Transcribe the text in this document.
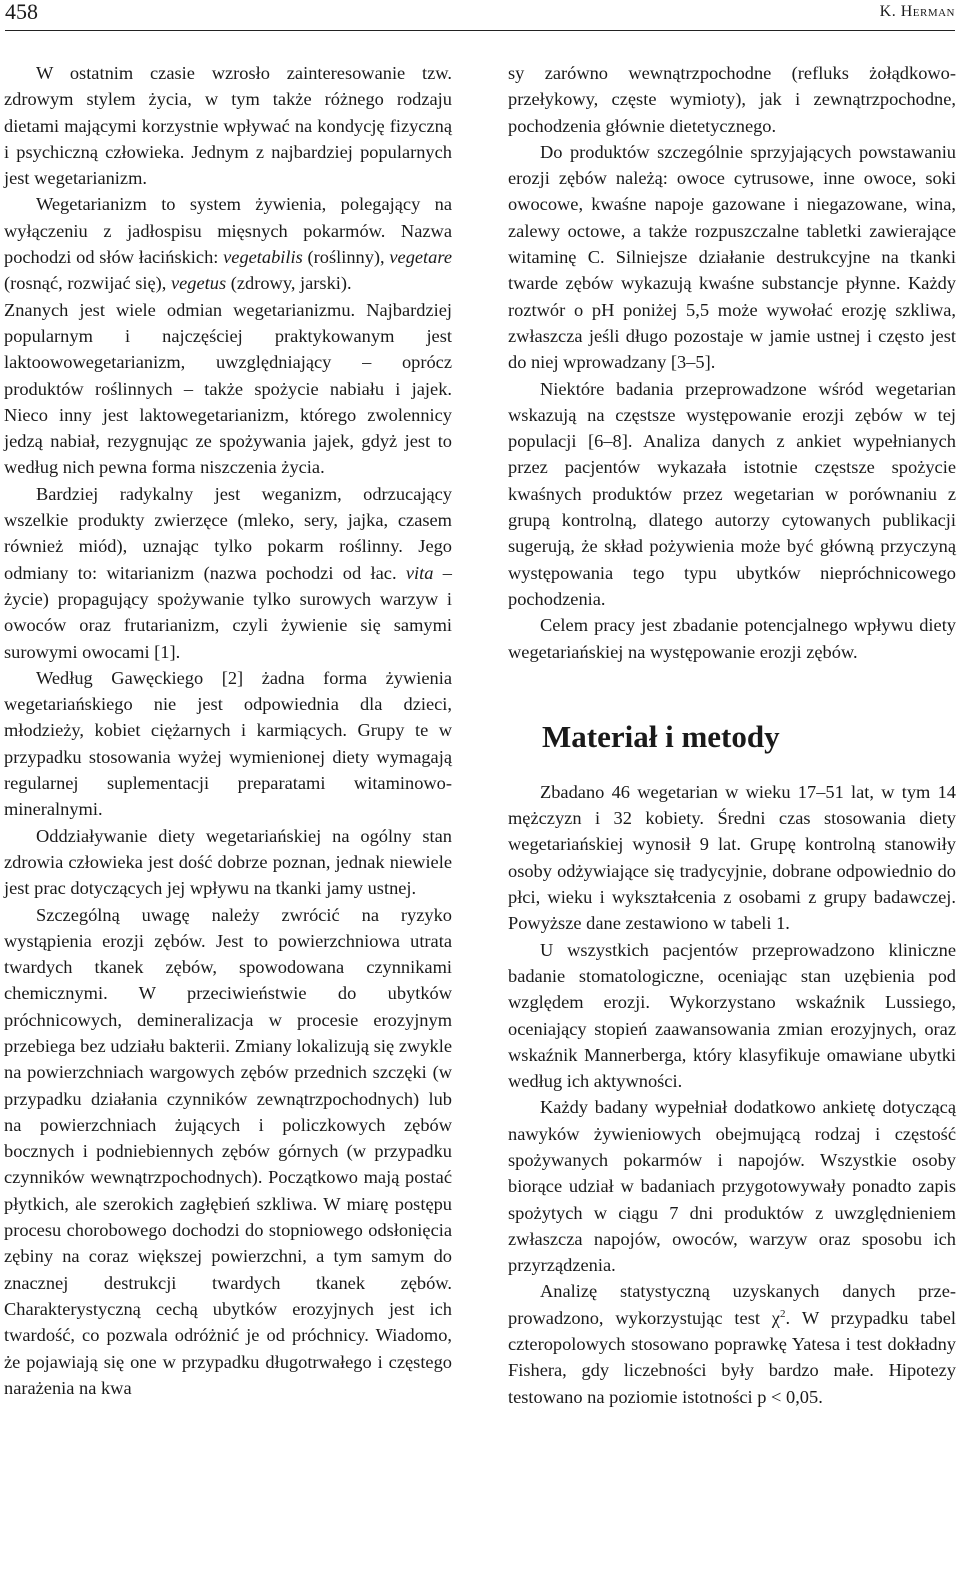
458	K. Herman

W ostatnim czasie wzrosło zainteresowanie tzw. zdrowym stylem życia, w tym także różnego rodzaju dietami mającymi korzystnie wpływać na kondycję fizyczną i psychiczną człowieka. Jednym z najbardziej popularnych jest wegetarianizm.

Wegetarianizm to system żywienia, polegający na wyłączeniu z jadłospisu mięsnych pokarmów. Nazwa pochodzi od słów łacińskich: vegetabilis (roślinny), vegetare (rosnąć, rozwijać się), vegetus (zdrowy, jarski).

Znanych jest wiele odmian wegetarianizmu. Najbardziej popularnym i najczęściej praktykowanym jest laktoowowegetarianizm, uwzględniający – oprócz produktów roślinnych – także spożycie nabiału i jajek. Nieco inny jest laktowegetarianizm, którego zwolennicy jedzą nabiał, rezygnując ze spożywania jajek, gdyż jest to według nich pewna forma niszczenia życia.

Bardziej radykalny jest weganizm, odrzucający wszelkie produkty zwierzęce (mleko, sery, jajka, czasem również miód), uznając tylko pokarm roślinny. Jego odmiany to: witarianizm (nazwa pochodzi od łac. vita – życie) propagujący spożywanie tylko surowych warzyw i owoców oraz frutarianizm, czyli żywienie się samymi surowymi owocami [1].

Według Gawęckiego [2] żadna forma żywienia wegetariańskiego nie jest odpowiednia dla dzieci, młodzieży, kobiet ciężarnych i karmiących. Grupy te w przypadku stosowania wyżej wymienionej diety wymagają regularnej suplementacji preparatami witaminowo-mineralnymi.

Oddziaływanie diety wegetariańskiej na ogólny stan zdrowia człowieka jest dość dobrze poznan, jednak niewiele jest prac dotyczących jej wpływu na tkanki jamy ustnej.

Szczególną uwagę należy zwrócić na ryzyko wystąpienia erozji zębów. Jest to powierzchniowa utrata twardych tkanek zębów, spowodowana czynnikami chemicznymi. W przeciwieństwie do ubytków próchnicowych, demineralizacja w procesie erozyjnym przebiega bez udziału bakterii. Zmiany lokalizują się zwykle na powierzchniach wargowych zębów przednich szczęki (w przypadku działania czynników zewnątrzpochodnych) lub na powierzchniach żujących i policzkowych zębów bocznych i podniebiennych zębów górnych (w przypadku czynników wewnątrzpochodnych). Początkowo mają postać płytkich, ale szerokich zagłębień szkliwa. W miarę postępu procesu chorobowego dochodzi do stopniowego odsłonięcia zębiny na coraz większej powierzchni, a tym samym do znacznej destrukcji twardych tkanek zębów. Charakterystyczną cechą ubytków erozyjnych jest ich twardość, co pozwala odróżnić je od próchnicy. Wiadomo, że pojawiają się one w przypadku długotrwałego i częstego narażenia na kwa

sy zarówno wewnątrzpochodne (refluks żołądkowo-przełykowy, częste wymioty), jak i zewnątrzpochodne, pochodzenia głównie dietetycznego.

Do produktów szczególnie sprzyjających powstawaniu erozji zębów należą: owoce cytrusowe, inne owoce, soki owocowe, kwaśne napoje gazowane i niegazowane, wina, zalewy octowe, a także rozpuszczalne tabletki zawierające witaminę C. Silniejsze działanie destrukcyjne na tkanki twarde zębów wykazują kwaśne substancje płynne. Każdy roztwór o pH poniżej 5,5 może wywołać erozję szkliwa, zwłaszcza jeśli długo pozostaje w jamie ustnej i często jest do niej wprowadzany [3–5].

Niektóre badania przeprowadzone wśród wegetarian wskazują na częstsze występowanie erozji zębów w tej populacji [6–8]. Analiza danych z ankiet wypełnianych przez pacjentów wykazała istotnie częstsze spożycie kwaśnych produktów przez wegetarian w porównaniu z grupą kontrolną, dlatego autorzy cytowanych publikacji sugerują, że skład pożywienia może być główną przyczyną występowania tego typu ubytków niepróchnicowego pochodzenia.

Celem pracy jest zbadanie potencjalnego wpływu diety wegetariańskiej na występowanie erozji zębów.

Materiał i metody

Zbadano 46 wegetarian w wieku 17–51 lat, w tym 14 mężczyzn i 32 kobiety. Średni czas stosowania diety wegetariańskiej wynosił 9 lat. Grupę kontrolną stanowiły osoby odżywiające się tradycyjnie, dobrane odpowiednio do płci, wieku i wykształcenia z osobami z grupy badawczej. Powyższe dane zestawiono w tabeli 1.

U wszystkich pacjentów przeprowadzono kliniczne badanie stomatologiczne, oceniając stan uzębienia pod względem erozji. Wykorzystano wskaźnik Lussiego, oceniający stopień zaawansowania zmian erozyjnych, oraz wskaźnik Mannerberga, który klasyfikuje omawiane ubytki według ich aktywności.

Każdy badany wypełniał dodatkowo ankietę dotyczącą nawyków żywieniowych obejmującą rodzaj i częstość spożywanych pokarmów i napojów. Wszystkie osoby biorące udział w badaniach przygotowywały ponadto zapis spożytych w ciągu 7 dni produktów z uwzględnieniem zwłaszcza napojów, owoców, warzyw oraz sposobu ich przyrządzenia.

Analizę statystyczną uzyskanych danych przeprowadzono, wykorzystując test $\chi^2$. W przypadku tabel czteropolowych stosowano poprawkę Yatesa i test dokładny Fishera, gdy liczebności były bardzo małe. Hipotezy testowano na poziomie istotności p < 0,05.
